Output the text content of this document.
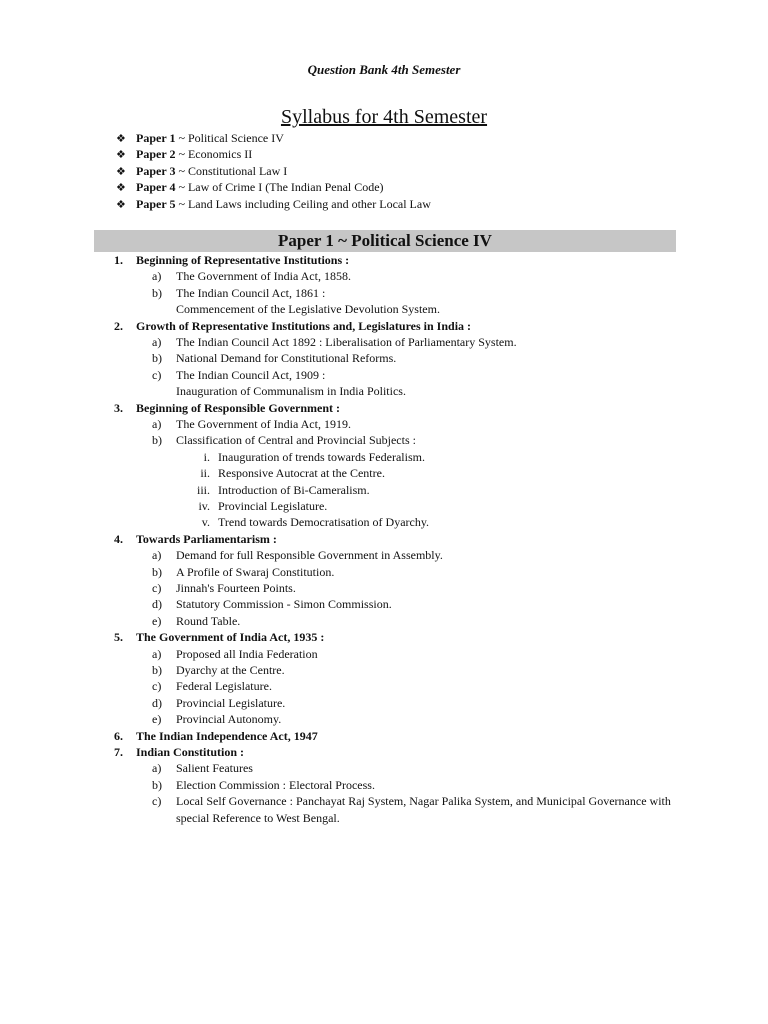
Question Bank 4th Semester
Syllabus for 4th Semester
❖ Paper 1 ~ Political Science IV
❖ Paper 2 ~ Economics II
❖ Paper 3 ~ Constitutional Law I
❖ Paper 4 ~ Law of Crime I (The Indian Penal Code)
❖ Paper 5 ~ Land Laws including Ceiling and other Local Law
Paper 1 ~ Political Science IV
1.	Beginning of Representative Institutions :
a)	The Government of India Act, 1858.
b)	The Indian Council Act, 1861 :
Commencement of the Legislative Devolution System.
2.	Growth of Representative Institutions and, Legislatures in India :
a)	The Indian Council Act 1892 : Liberalisation of Parliamentary System.
b)	National Demand for Constitutional Reforms.
c)	The Indian Council Act, 1909 :
Inauguration of Communalism in India Politics.
3.	Beginning of Responsible Government :
a)	The Government of India Act, 1919.
b)	Classification of Central and Provincial Subjects :
i. Inauguration of trends towards Federalism.
ii. Responsive Autocrat at the Centre.
iii. Introduction of Bi-Cameralism.
iv. Provincial Legislature.
v. Trend towards Democratisation of Dyarchy.
4.	Towards Parliamentarism :
a)	Demand for full Responsible Government in Assembly.
b)	A Profile of Swaraj Constitution.
c)	Jinnah's Fourteen Points.
d)	Statutory Commission - Simon Commission.
e)	Round Table.
5.	The Government of India Act, 1935 :
a)	Proposed all India Federation
b)	Dyarchy at the Centre.
c)	Federal Legislature.
d)	Provincial Legislature.
e)	Provincial Autonomy.
6.	The Indian Independence Act, 1947
7.	Indian Constitution :
a)	Salient Features
b)	Election Commission : Electoral Process.
c)	Local Self Governance : Panchayat Raj System, Nagar Palika System, and Municipal Governance with special Reference to West Bengal.
